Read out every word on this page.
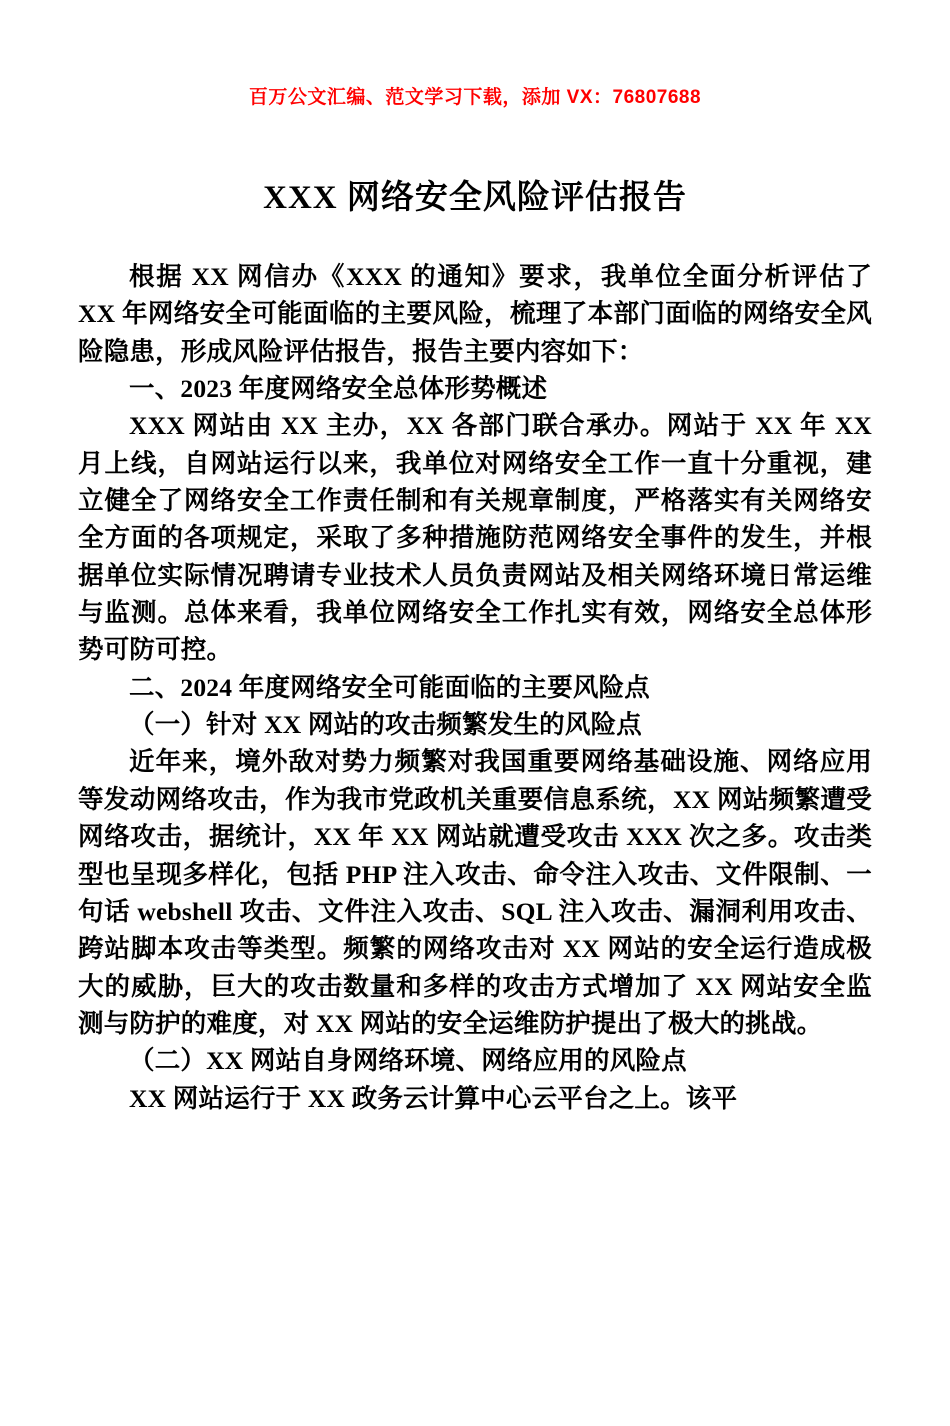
百万公文汇编、范文学习下载，添加 VX：76807688
XXX 网络安全风险评估报告

根据 XX 网信办《XXX 的通知》要求，我单位全面分析评估了 XX 年网络安全可能面临的主要风险，梳理了本部门面临的网络安全风险隐患，形成风险评估报告，报告主要内容如下：

一、2023 年度网络安全总体形势概述

XXX 网站由 XX 主办，XX 各部门联合承办。网站于 XX 年 XX 月上线，自网站运行以来，我单位对网络安全工作一直十分重视，建立健全了网络安全工作责任制和有关规章制度，严格落实有关网络安全方面的各项规定，采取了多种措施防范网络安全事件的发生，并根据单位实际情况聘请专业技术人员负责网站及相关网络环境日常运维与监测。总体来看，我单位网络安全工作扎实有效，网络安全总体形势可防可控。

二、2024 年度网络安全可能面临的主要风险点

（一）针对 XX 网站的攻击频繁发生的风险点

近年来，境外敌对势力频繁对我国重要网络基础设施、网络应用等发动网络攻击，作为我市党政机关重要信息系统，XX 网站频繁遭受网络攻击，据统计，XX 年 XX 网站就遭受攻击 XXX 次之多。攻击类型也呈现多样化，包括 PHP 注入攻击、命令注入攻击、文件限制、一句话 webshell 攻击、文件注入攻击、SQL 注入攻击、漏洞利用攻击、跨站脚本攻击等类型。频繁的网络攻击对 XX 网站的安全运行造成极大的威胁，巨大的攻击数量和多样的攻击方式增加了 XX 网站安全监测与防护的难度，对 XX 网站的安全运维防护提出了极大的挑战。

（二）XX 网站自身网络环境、网络应用的风险点

XX 网站运行于 XX 政务云计算中心云平台之上。该平
